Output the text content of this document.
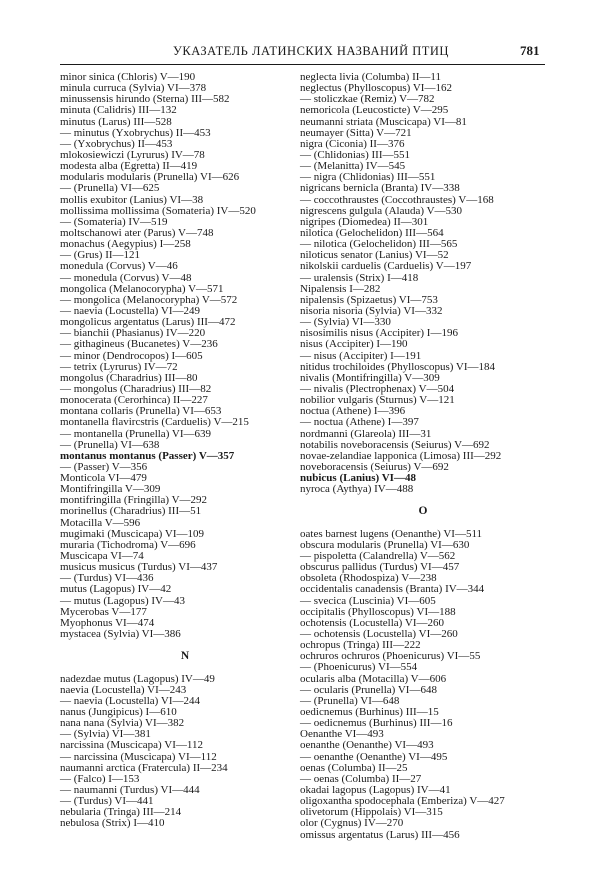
УКАЗАТЕЛЬ ЛАТИНСКИХ НАЗВАНИЙ ПТИЦ	781
minor sinica (Chloris) V—190
minula curruca (Sylvia) VI—378
minussensis hirundo (Sterna) III—582
minuta (Calidris) III—132
minutus (Larus) III—528
— minutus (Yxobrychus) II—453
— (Yxobrychus) II—453
mlokosiewiczi (Lyrurus) IV—78
modesta alba (Egretta) II—419
modularis modularis (Prunella) VI—626
— (Prunella) VI—625
mollis exubitor (Lanius) VI—38
mollissima mollissima (Somateria) IV—520
— (Somateria) IV—519
moltschanowi ater (Parus) V—748
monachus (Aegypius) I—258
— (Grus) II—121
monedula (Corvus) V—46
— monedula (Corvus) V—48
mongolica (Melanocorypha) V—571
— mongolica (Melanocorypha) V—572
— naevia (Locustella) VI—249
mongolicus argentatus (Larus) III—472
— bianchii (Phasianus) IV—220
— githagineus (Bucanetes) V—236
— minor (Dendrocopos) I—605
— tetrix (Lyrurus) IV—72
mongolus (Charadrius) III—80
— mongolus (Charadrius) III—82
monocerata (Cerorhinca) II—227
montana collaris (Prunella) VI—653
montanella flavircstris (Carduelis) V—215
— montanella (Prunella) VI—639
— (Prunella) VI—638
montanus montanus (Passer) V—357
— (Passer) V—356
Monticola VI—479
Montifringilla V—309
montifringilla (Fringilla) V—292
morinellus (Charadrius) III—51
Motacilla V—596
mugimaki (Muscicapa) VI—109
muraria (Tichodroma) V—696
Muscicapa VI—74
musicus musicus (Turdus) VI—437
— (Turdus) VI—436
mutus (Lagopus) IV—42
— mutus (Lagopus) IV—43
Mycerobas V—177
Myophonus VI—474
mystacea (Sylvia) VI—386
N
nadezdae mutus (Lagopus) IV—49
naevia (Locustella) VI—243
— naevia (Locustella) VI—244
nanus (Jungipicus) I—610
nana nana (Sylvia) VI—382
— (Sylvia) VI—381
narcissina (Muscicapa) VI—112
— narcissina (Muscicapa) VI—112
naumanni arctica (Fratercula) II—234
— (Falco) I—153
— naumanni (Turdus) VI—444
— (Turdus) VI—441
nebularia (Tringa) III—214
nebulosa (Strix) I—410
neglecta livia (Columba) II—11
neglectus (Phylloscopus) VI—162
— stoliczkae (Remiz) V—782
nemoricola (Leucosticte) V—295
neumanni striata (Muscicapa) VI—81
neumayer (Sitta) V—721
nigra (Ciconia) II—376
— (Chlidonias) III—551
— (Melanitta) IV—545
— nigra (Chlidonias) III—551
nigricans bernicla (Branta) IV—338
— coccothraustes (Coccothraustes) V—168
nigrescens gulgula (Alauda) V—530
nigripes (Diomedea) II—301
nilotica (Gelochelidon) III—564
— nilotica (Gelochelidon) III—565
niloticus senator (Lanius) VI—52
nikolskii carduelis (Carduelis) V—197
— uralensis (Strix) I—418
Nipalensis I—282
nipalensis (Spizaetus) VI—753
nisoria nisoria (Sylvia) VI—332
— (Sylvia) VI—330
nisosimilis nisus (Accipiter) I—196
nisus (Accipiter) I—190
— nisus (Accipiter) I—191
nitidus trochiloides (Phylloscopus) VI—184
nivalis (Montifringilla) V—309
— nivalis (Plectrophenax) V—504
nobilior vulgaris (Sturnus) V—121
noctua (Athene) I—396
— noctua (Athene) I—397
nordmanni (Glareola) III—31
notabilis noveboracensis (Seiurus) V—692
novae-zelandiae lapponica (Limosa) III—292
noveboracensis (Seiurus) V—692
nubicus (Lanius) VI—48
nyroca (Aythya) IV—488
O
oates barnest lugens (Oenanthe) VI—511
obscura modularis (Prunella) VI—630
— pispoletta (Calandrella) V—562
obscurus pallidus (Turdus) VI—457
obsoleta (Rhodospiza) V—238
occidentalis canadensis (Branta) IV—344
— svecica (Luscinia) VI—605
occipitalis (Phylloscopus) VI—188
ochotensis (Locustella) VI—260
— ochotensis (Locustella) VI—260
ochropus (Tringa) III—222
ochruros ochruros (Phoenicurus) VI—55
— (Phoenicurus) VI—554
ocularis alba (Motacilla) V—606
— ocularis (Prunella) VI—648
— (Prunella) VI—648
oedicnemus (Burhinus) III—15
— oedicnemus (Burhinus) III—16
Oenanthe VI—493
oenanthe (Oenanthe) VI—493
— oenanthe (Oenanthe) VI—495
oenas (Columba) II—25
— oenas (Columba) II—27
okadai lagopus (Lagopus) IV—41
oligoxantha spodocephala (Emberiza) V—427
olivetorum (Hippolais) VI—315
olor (Cygnus) IV—270
omissus argentatus (Larus) III—456
